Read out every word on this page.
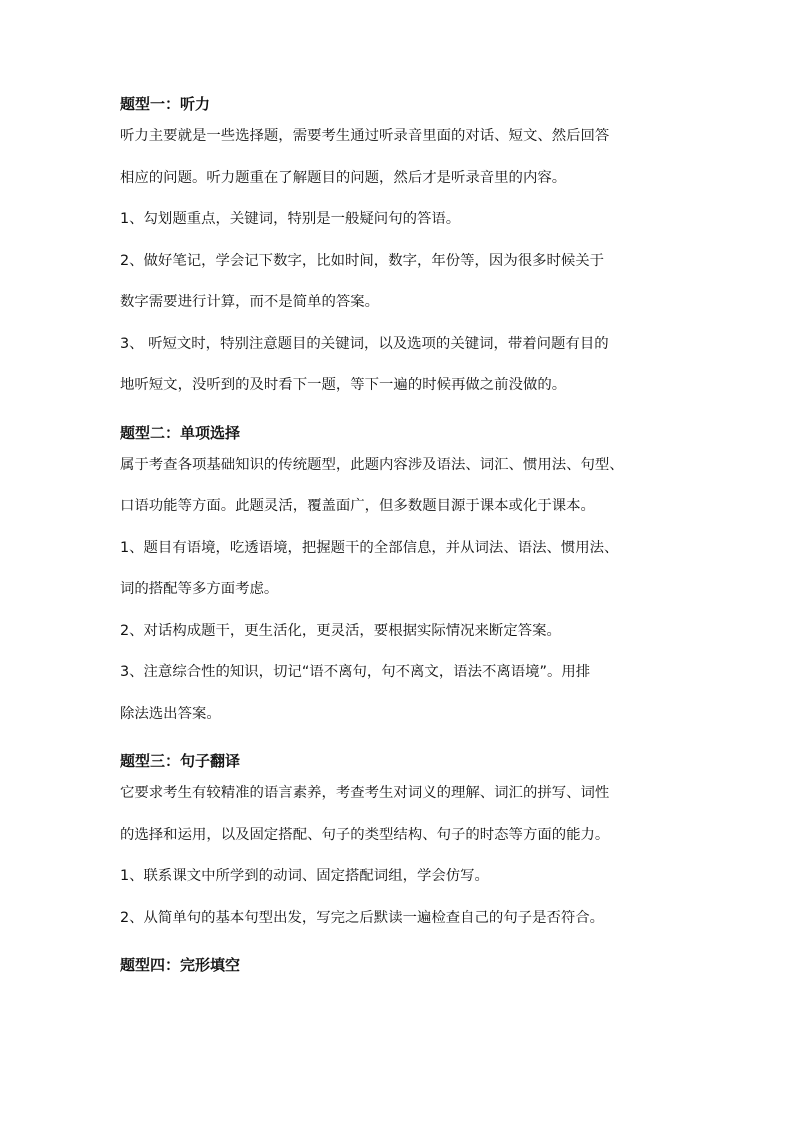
题型一：听力

听力主要就是一些选择题，需要考生通过听录音里面的对话、短文、然后回答

相应的问题。听力题重在了解题目的问题，然后才是听录音里的内容。

1、勾划题重点，关键词，特别是一般疑问句的答语。

2、做好笔记，学会记下数字，比如时间，数字，年份等，因为很多时候关于

数字需要进行计算，而不是简单的答案。

3、 听短文时，特别注意题目的关键词，以及选项的关键词，带着问题有目的

地听短文，没听到的及时看下一题，等下一遍的时候再做之前没做的。

题型二：单项选择

属于考查各项基础知识的传统题型，此题内容涉及语法、词汇、惯用法、句型、

口语功能等方面。此题灵活，覆盖面广，但多数题目源于课本或化于课本。

1、题目有语境，吃透语境，把握题干的全部信息，并从词法、语法、惯用法、

词的搭配等多方面考虑。

2、对话构成题干，更生活化，更灵活，要根据实际情况来断定答案。

3、注意综合性的知识，切记“语不离句，句不离文，语法不离语境”。用排

除法选出答案。

题型三：句子翻译

它要求考生有较精准的语言素养，考查考生对词义的理解、词汇的拼写、词性

的选择和运用，以及固定搭配、句子的类型结构、句子的时态等方面的能力。

1、联系课文中所学到的动词、固定搭配词组，学会仿写。

2、从简单句的基本句型出发，写完之后默读一遍检查自己的句子是否符合。

题型四：完形填空
